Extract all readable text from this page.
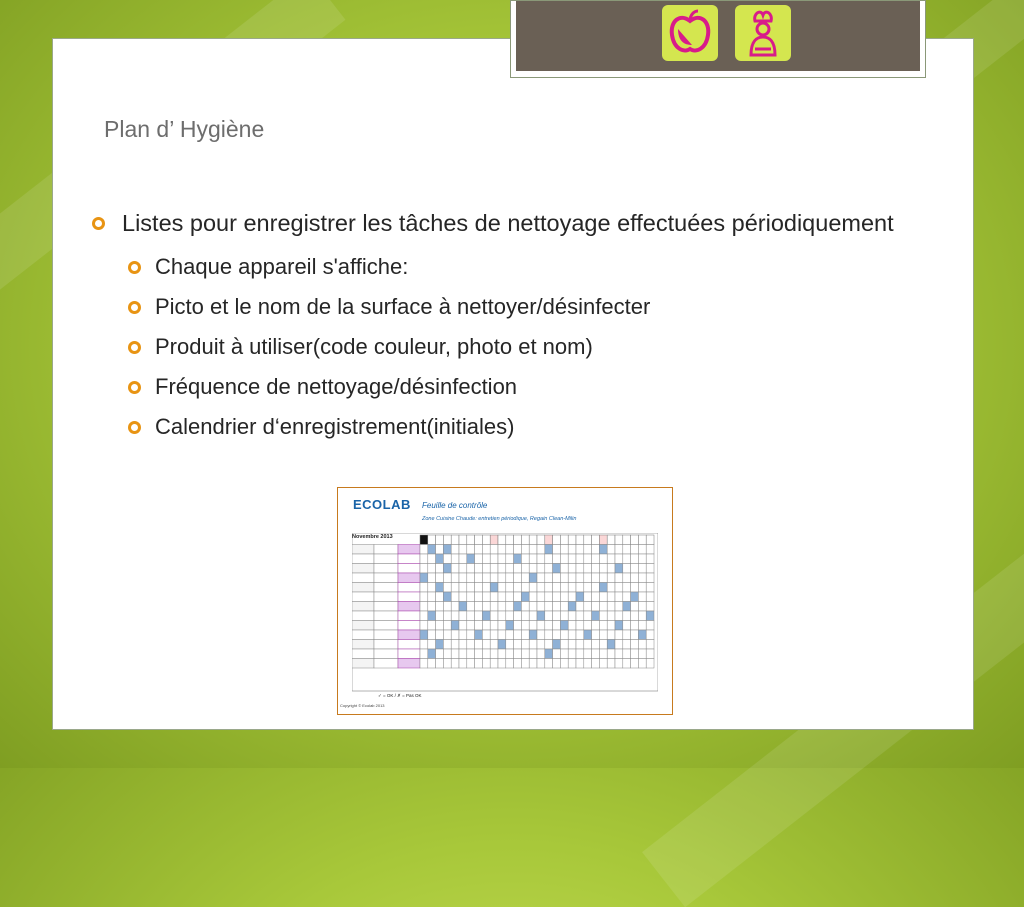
Plan d’ Hygiène
Listes pour enregistrer les tâches de nettoyage effectuées périodiquement
Chaque appareil s'affiche:
Picto et le nom de la surface à nettoyer/désinfecter
Produit à utiliser(code couleur, photo et nom)
Fréquence de nettoyage/désinfection
Calendrier d‘enregistrement(initiales)
ECOLAB Feuille de contrôle
Zone Cuisine Chaude: entretien périodique, Regain Clean-Milin
Novembre 2013
✓ = OK / ✗ = Pas OK
Copyright © Ecolab 2013
